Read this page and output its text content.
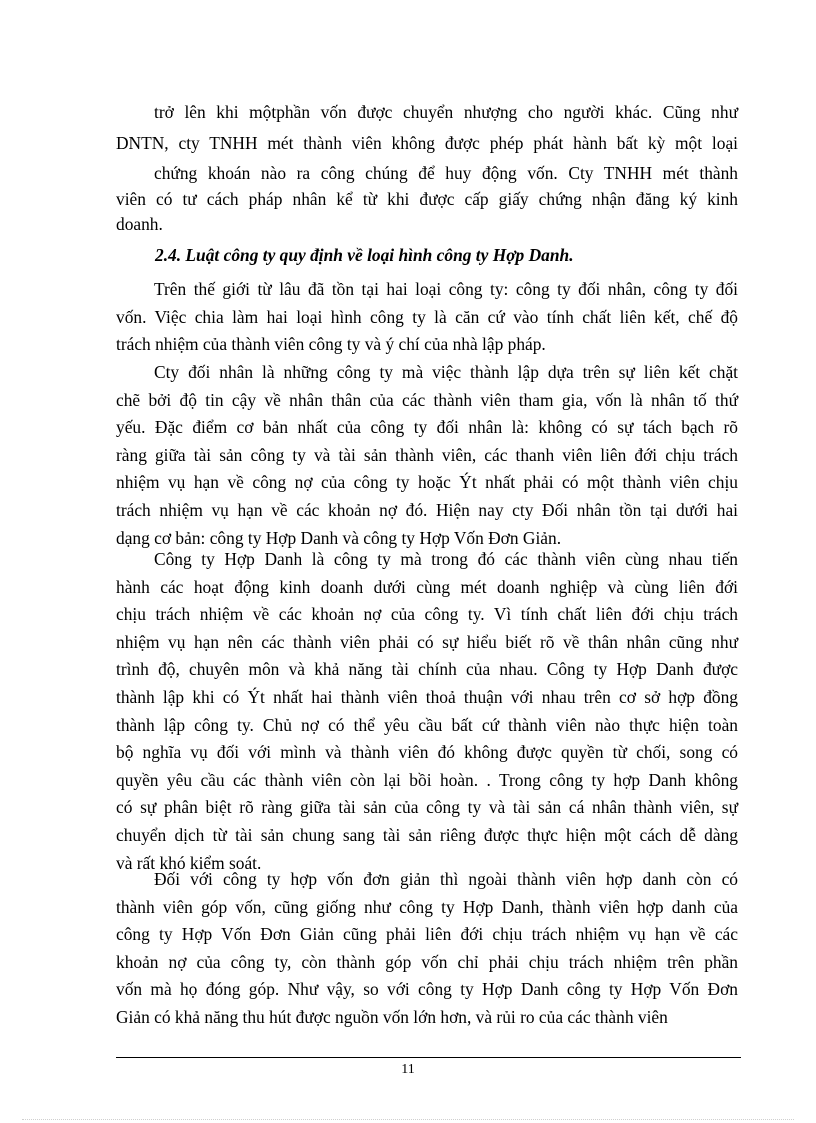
trở lên khi mộtphần vốn được chuyển nhượng cho người khác. Cũng như
DNTN, cty TNHH mét thành viên không được phép phát hành bất kỳ một loại
chứng khoán nào ra công chúng để huy động vốn. Cty TNHH mét thành
viên có tư cách pháp nhân kể từ khi được cấp giấy chứng nhận đăng ký kinh
doanh.
2.4. Luật công ty quy định về loại hình công ty Hợp Danh.
Trên thế giới từ lâu đã tồn tại hai loại công ty: công ty đối nhân, công ty đối
vốn. Việc chia làm hai loại hình công ty là căn cứ vào tính chất liên kết, chế độ
trách nhiệm của thành viên công ty và ý chí của nhà lập pháp.
Cty đối nhân là những công ty mà việc thành lập dựa trên sự liên kết chặt
chẽ bởi độ tin cậy về nhân thân của các thành viên tham gia, vốn là nhân tố thứ
yếu. Đặc điểm cơ bản nhất của công ty đối nhân là: không có sự tách bạch rõ
ràng giữa tài sản công ty và tài sản thành viên, các thanh viên liên đới chịu trách
nhiệm vụ hạn về công nợ của công ty hoặc Ýt nhất phải có một thành viên chịu
trách nhiệm vụ hạn về các khoản nợ đó. Hiện nay cty Đối nhân tồn tại dưới hai
dạng cơ bản: công ty Hợp Danh và công ty Hợp Vốn Đơn Giản.
Công ty Hợp Danh là công ty mà trong đó các thành viên cùng nhau tiến
hành các hoạt động kinh doanh dưới cùng mét doanh nghiệp và cùng liên đới
chịu trách nhiệm về các khoản nợ của công ty. Vì tính chất liên đới chịu trách
nhiệm vụ hạn nên các thành viên phải có sự hiểu biết rõ về thân nhân cũng như
trình độ, chuyên môn và khả năng tài chính của nhau. Công ty Hợp Danh được
thành lập khi có Ýt nhất hai thành viên thoả thuận với nhau trên cơ sở hợp đồng
thành lập công ty. Chủ nợ có thể yêu cầu bất cứ thành viên nào thực hiện toàn
bộ nghĩa vụ đối với mình và thành viên đó không được quyền từ chối, song có
quyền yêu cầu các thành viên còn lại bồi hoàn. . Trong công ty hợp Danh không
có sự phân biệt rõ ràng giữa tài sản của công ty và tài sản cá nhân thành viên, sự
chuyển dịch từ tài sản chung sang tài sản riêng được thực hiện một cách dễ dàng
và rất khó kiểm soát.
Đối với công ty hợp vốn đơn giản thì ngoài thành viên hợp danh còn có
thành viên góp vốn, cũng giống như công ty Hợp Danh, thành viên hợp danh của
công ty Hợp Vốn Đơn Giản cũng phải liên đới chịu trách nhiệm vụ hạn về các
khoản nợ của công ty, còn thành góp vốn chỉ phải chịu trách nhiệm trên phần
vốn mà họ đóng góp. Như vậy, so với công ty Hợp Danh công ty Hợp Vốn Đơn
Giản có khả năng thu hút được nguồn vốn lớn hơn, và rủi ro của các thành viên
11
